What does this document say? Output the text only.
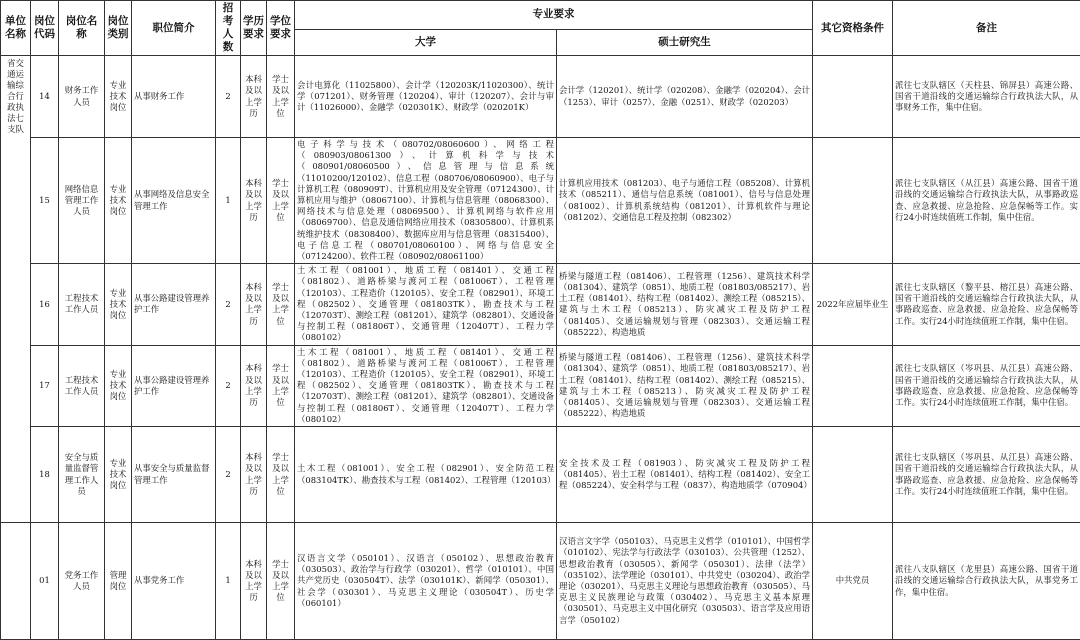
单位名称	岗位代码	岗位名称	岗位类别	职位简介	招考人数	学历要求	学位要求	专业要求		其它资格条件	备注
								大学	硕士研究生		
省交通运输综合行政执法七支队	14	财务工作人员	专业技术岗位	从事财务工作	2	本科及以上学历	学士及以上学位	会计电算化（11025800）、会计学（120203K/11020300）、统计学（071201）、财务管理（120204）、审计（120207）、会计与审计（11026000）、金融学（020301K）、财政学（020201K）	会计学（120201）、统计学（020208）、金融学（020204）、会计（1253）、审计（0257）、金融（0251）、财政学（020203）		派往七支队辖区（天柱县、锦屏县）高速公路、国省干道沿线的交通运输综合行政执法大队，从事财务工作，集中住宿。
	15	网络信息管理工作人员	专业技术岗位	从事网络及信息安全管理工作	1	本科及以上学历	学士及以上学位	电子科学与技术（080702/08060600）、网络工程（080903/08061300）、计算机科学与技术（080901/08060500）、信息管理与信息系统（11010200/120102）、信息工程（080706/08060900）、电子与计算机工程（080909T）、计算机应用及安全管理（07124300）、计算机应用与维护（08067100）、计算机与信息管理（08068300）、网络技术与信息处理（08069500）、计算机网络与软件应用（08069700）、信息及通信网络应用技术（08305800）、计算机系统维护技术（08308400）、数据库应用与信息管理（08315400）、电子信息工程（080701/08060100）、网络与信息安全（07124200）、软件工程（080902/08061100）	计算机应用技术（081203）、电子与通信工程（085208）、计算机技术（085211）、通信与信息系统（081001）、信号与信息处理（081002）、计算机系统结构（081201）、计算机软件与理论（081202）、交通信息工程及控制（082302）		派往七支队辖区（从江县）高速公路、国省干道沿线的交通运输综合行政执法大队，从事路政巡查、应急救援、应急抢险、应急保畅等工作。实行24小时连续值班工作制，集中住宿。
	16	工程技术工作人员	专业技术岗位	从事公路建设管理养护工作	2	本科及以上学历	学士及以上学位	土木工程（081001）、地质工程（081401）、交通工程（081802）、道路桥梁与渡河工程（081006T）、工程管理（120103）、工程造价（120105）、安全工程（082901）、环境工程（082502）、交通管理（081803TK）、勘查技术与工程（120703T）、测绘工程（081201）、建筑学（082801）、交通设备与控制工程（081806T）、交通管理（120407T）、工程力学（080102）	桥梁与隧道工程（081406）、工程管理（1256）、建筑技术科学（081304）、建筑学（0851）、地质工程（081803/085217）、岩土工程（081401）、结构工程（081402）、测绘工程（085215）、建筑与土木工程（085213）、防灾减灾工程及防护工程（081405）、交通运输规划与管理（082303）、交通运输工程（085222）、构造地质	2022年应届毕业生	派往七支队辖区（黎平县、榕江县）高速公路、国省干道沿线的交通运输综合行政执法大队，从事路政巡查、应急救援、应急抢险、应急保畅等工作。实行24小时连续值班工作制，集中住宿。
	17	工程技术工作人员	专业技术岗位	从事公路建设管理养护工作	2	本科及以上学历	学士及以上学位	土木工程（081001）、地质工程（081401）、交通工程（081802）、道路桥梁与渡河工程（081006T）、工程管理（120103）、工程造价（120105）、安全工程（082901）、环境工程（082502）、交通管理（081803TK）、勘查技术与工程（120703T）、测绘工程（081201）、建筑学（082801）、交通设备与控制工程（081806T）、交通管理（120407T）、工程力学（080102）	桥梁与隧道工程（081406）、工程管理（1256）、建筑技术科学（081304）、建筑学（0851）、地质工程（081803/085217）、岩土工程（081401）、结构工程（081402）、测绘工程（085215）、建筑与土木工程（085213）、防灾减灾工程及防护工程（081405）、交通运输规划与管理（082303）、交通运输工程（085222）、构造地质		派往七支队辖区（岑巩县、从江县）高速公路、国省干道沿线的交通运输综合行政执法大队，从事路政巡查、应急救援、应急抢险、应急保畅等工作。实行24小时连续值班工作制，集中住宿。
	18	安全与质量监督管理工作人员	专业技术岗位	从事安全与质量监督管理工作	2	本科及以上学历	学士及以上学位	土木工程（081001）、安全工程（082901）、安全防范工程（083104TK）、勘查技术与工程（081402）、工程管理（120103）	安全技术及工程（081903）、防灾减灾工程及防护工程（081405）、岩土工程（081401）、结构工程（081402）、安全工程（085224）、安全科学与工程（0837）、构造地质学（070904）		派往七支队辖区（岑巩县、从江县）高速公路、国省干道沿线的交通运输综合行政执法大队，从事路政巡查、应急救援、应急抢险、应急保畅等工作。实行24小时连续值班工作制，集中住宿。
	01	党务工作人员	管理岗位	从事党务工作	1	本科及以上学历	学士及以上学位	汉语言文学（050101）、汉语言（050102）、思想政治教育（030503）、政治学与行政学（030201）、哲学（010101）、中国共产党历史（030504T）、法学（030101K）、新闻学（050301）、社会学（030301）、马克思主义理论（030504T）、历史学（060101）	汉语言文字学（050103）、马克思主义哲学（010101）、中国哲学（010102）、宪法学与行政法学（030103）、公共管理（1252）、思想政治教育（030505）、新闻学（050301）、法律（法学）（035102）、法学理论（030101）、中共党史（030204）、政治学理论（030201）、马克思主义理论与思想政治教育（030505）、马克思主义民族理论与政策（030402）、马克思主义基本原理（030501）、马克思主义中国化研究（030503）、语言学及应用语言学（050102）	中共党员	派往八支队辖区（龙里县）高速公路、国省干道沿线的交通运输综合行政执法大队，从事党务工作，集中住宿。
